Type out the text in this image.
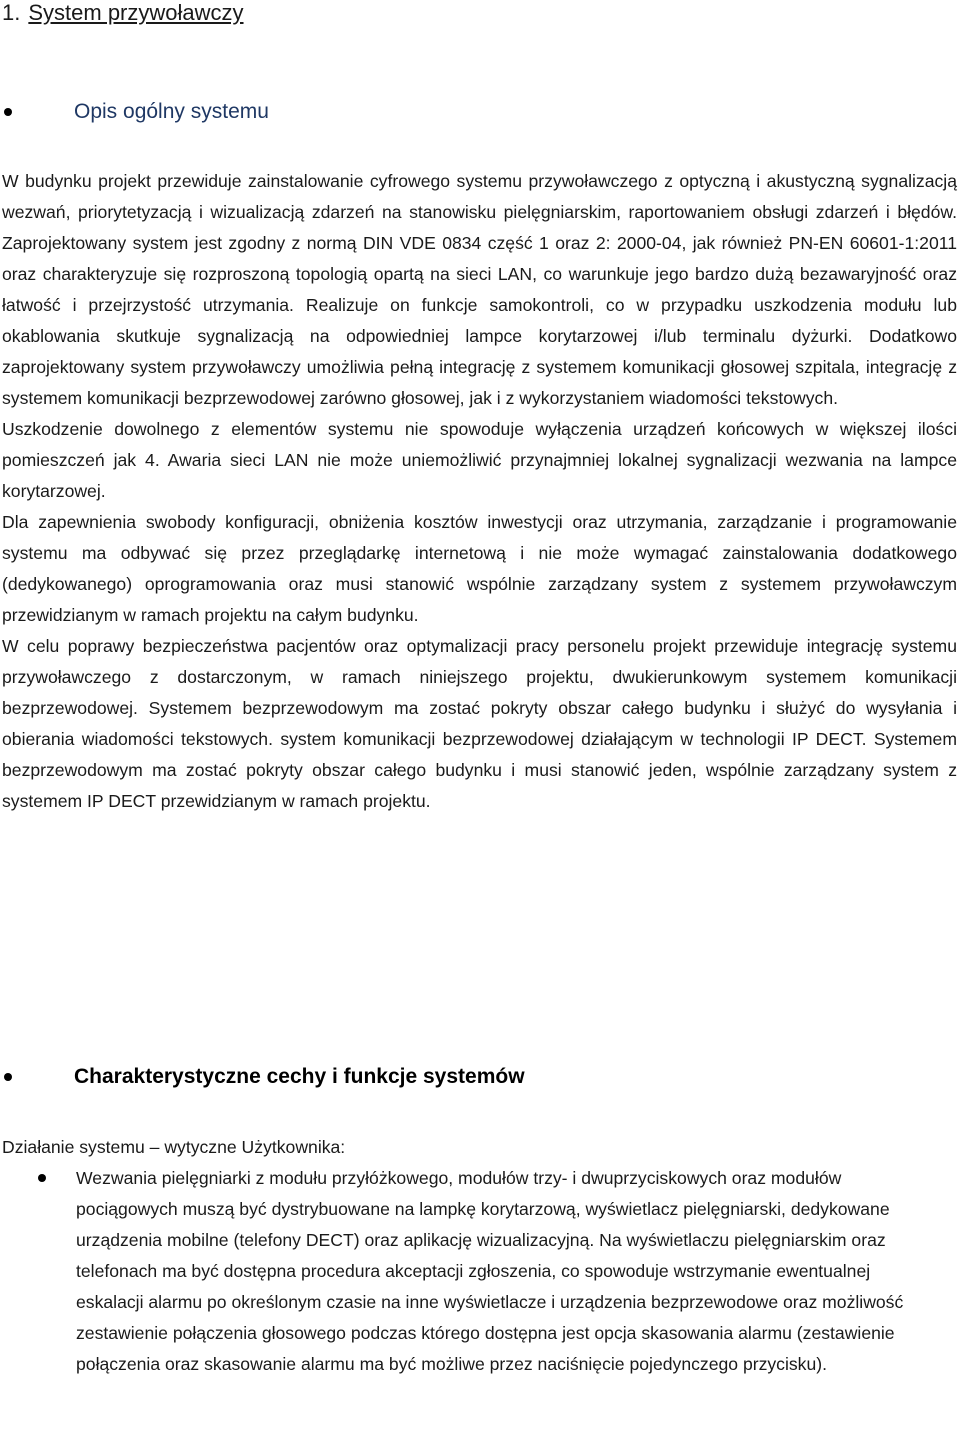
1. System przywoławczy
Opis ogólny systemu

W budynku projekt przewiduje zainstalowanie cyfrowego systemu przywoławczego z optyczną i akustyczną sygnalizacją wezwań, priorytetyzacją i wizualizacją zdarzeń na stanowisku pielęgniarskim, raportowaniem obsługi zdarzeń i błędów. Zaprojektowany system jest zgodny z normą DIN VDE 0834 część 1 oraz 2: 2000-04, jak również PN-EN 60601-1:2011 oraz charakteryzuje się rozproszoną topologią opartą na sieci LAN, co warunkuje jego bardzo dużą bezawaryjność oraz łatwość i przejrzystość utrzymania. Realizuje on funkcje samokontroli, co w przypadku uszkodzenia modułu lub okablowania skutkuje sygnalizacją na odpowiedniej lampce korytarzowej i/lub terminalu dyżurki. Dodatkowo zaprojektowany system przywoławczy umożliwia pełną integrację z systemem komunikacji głosowej szpitala, integrację z systemem komunikacji bezprzewodowej zarówno głosowej, jak i z wykorzystaniem wiadomości tekstowych.

Uszkodzenie dowolnego z elementów systemu nie spowoduje wyłączenia urządzeń końcowych w większej ilości pomieszczeń jak 4. Awaria sieci LAN nie może uniemożliwić przynajmniej lokalnej sygnalizacji wezwania na lampce korytarzowej.

Dla zapewnienia swobody konfiguracji, obniżenia kosztów inwestycji oraz utrzymania, zarządzanie i programowanie systemu ma odbywać się przez przeglądarkę internetową i nie może wymagać zainstalowania dodatkowego (dedykowanego) oprogramowania oraz musi stanowić wspólnie zarządzany system z systemem przywoławczym przewidzianym w ramach projektu na całym budynku.

W celu poprawy bezpieczeństwa pacjentów oraz optymalizacji pracy personelu projekt przewiduje integrację systemu przywoławczego z dostarczonym, w ramach niniejszego projektu, dwukierunkowym systemem komunikacji bezprzewodowej. Systemem bezprzewodowym ma zostać pokryty obszar całego budynku i służyć do wysyłania i obierania wiadomości tekstowych. system komunikacji bezprzewodowej działającym w technologii IP DECT. Systemem bezprzewodowym ma zostać pokryty obszar całego budynku i musi stanowić jeden, wspólnie zarządzany system z systemem IP DECT przewidzianym w ramach projektu.

Charakterystyczne cechy i funkcje systemów
Działanie systemu – wytyczne Użytkownika:
Wezwania pielęgniarki z modułu przyłóżkowego, modułów trzy- i dwuprzyciskowych oraz modułów pociągowych muszą być dystrybuowane na lampkę korytarzową, wyświetlacz pielęgniarski, dedykowane urządzenia mobilne (telefony DECT) oraz aplikację wizualizacyjną. Na wyświetlaczu pielęgniarskim oraz telefonach ma być dostępna procedura akceptacji zgłoszenia, co spowoduje wstrzymanie ewentualnej eskalacji alarmu po określonym czasie na inne wyświetlacze i urządzenia bezprzewodowe oraz możliwość zestawienie połączenia głosowego podczas którego dostępna jest opcja skasowania alarmu (zestawienie połączenia oraz skasowanie alarmu ma być możliwe przez naciśnięcie pojedynczego przycisku).
